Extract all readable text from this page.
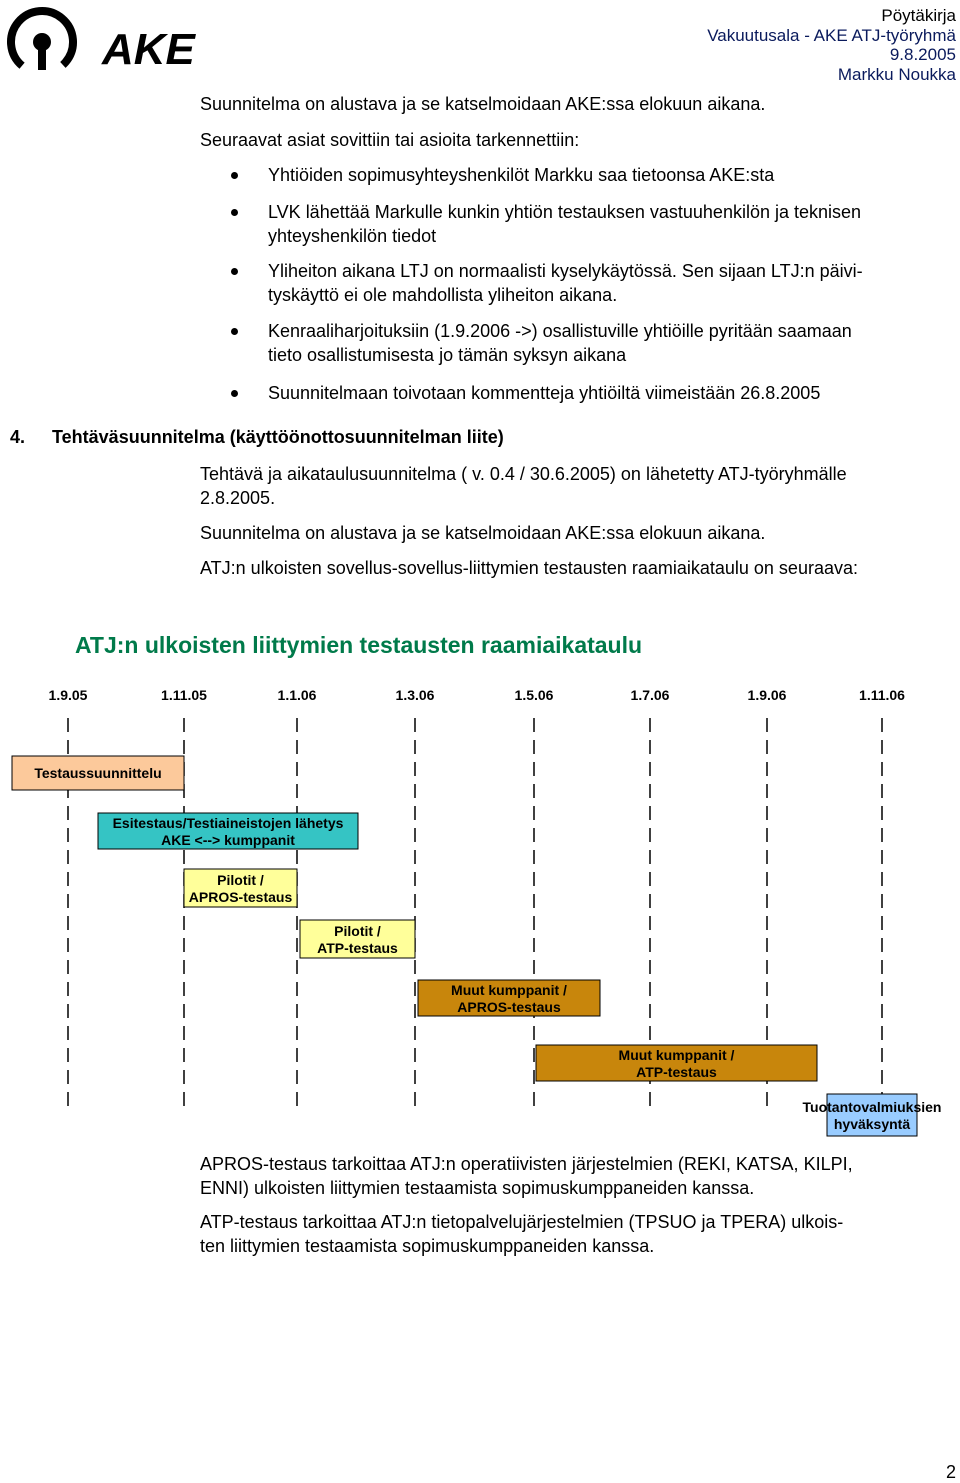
AKE
Pöytäkirja
Vakuutusala - AKE ATJ-työryhmä
9.8.2005
Markku Noukka

Suunnitelma on alustava ja se katselmoidaan AKE:ssa elokuun aikana.

Seuraavat asiat sovittiin tai asioita tarkennettiin:

Yhtiöiden sopimusyhteyshenkilöt Markku saa tietoonsa AKE:sta

LVK lähettää Markulle kunkin yhtiön testauksen vastuuhenkilön ja teknisen

yhteyshenkilön tiedot

Yliheiton aikana LTJ on normaalisti kyselykäytössä. Sen sijaan LTJ:n päivi-

tyskäyttö ei ole mahdollista yliheiton aikana.

Kenraaliharjoituksiin (1.9.2006 ->) osallistuville yhtiöille pyritään saamaan

tieto osallistumisesta jo tämän syksyn aikana

Suunnitelmaan toivotaan kommentteja yhtiöiltä viimeistään 26.8.2005

4. Tehtäväsuunnitelma (käyttöönottosuunnitelman liite)

Tehtävä ja aikataulusuunnitelma ( v. 0.4 / 30.6.2005) on lähetetty ATJ-työryhmälle

2.8.2005.

Suunnitelma on alustava ja se katselmoidaan AKE:ssa elokuun aikana.

ATJ:n ulkoisten sovellus-sovellus-liittymien testausten raamiaikataulu on seuraava:

ATJ:n ulkoisten liittymien testausten raamiaikataulu
1.9.05	1.11.05	1.1.06	1.3.06	1.5.06	1.7.06	1.9.06	1.11.06
Testaussuunnittelu
Esitestaus/Testiaineistojen lähetys
AKE <--> kumppanit
Pilotit /
APROS-testaus
Pilotit /
ATP-testaus
Muut kumppanit /
APROS-testaus
Muut kumppanit /
ATP-testaus
Tuotantovalmiuksien
hyväksyntä

APROS-testaus tarkoittaa ATJ:n operatiivisten järjestelmien (REKI, KATSA, KILPI,

ENNI) ulkoisten liittymien testaamista sopimuskumppaneiden kanssa.

ATP-testaus tarkoittaa ATJ:n tietopalvelujärjestelmien (TPSUO ja TPERA) ulkois-

ten liittymien testaamista sopimuskumppaneiden kanssa.

2
